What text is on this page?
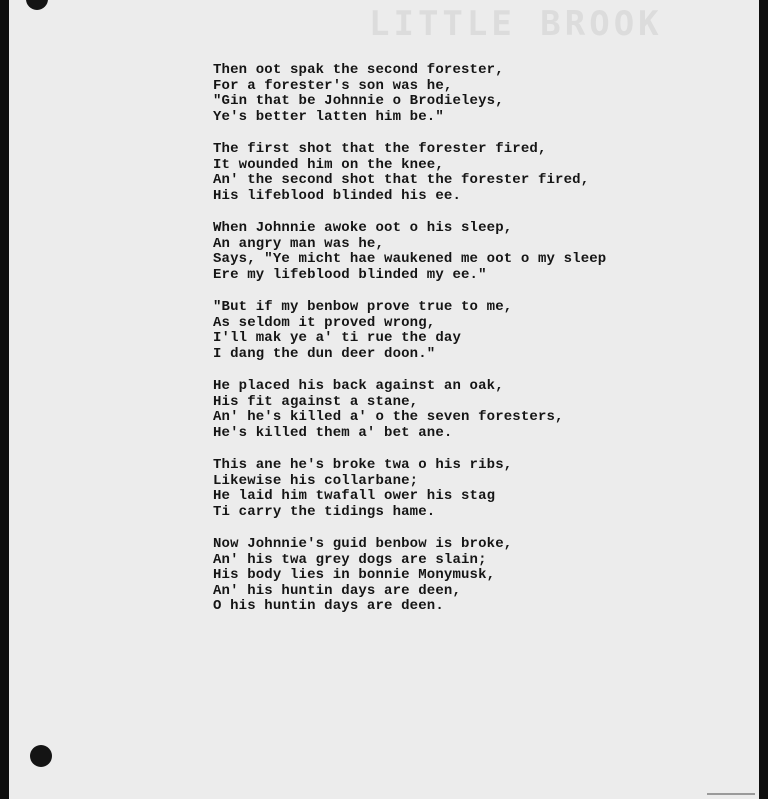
LITTLE BROOK
Then oot spak the second forester,
For a forester's son was he,
"Gin that be Johnnie o Brodieleys,
Ye's better latten him be."
The first shot that the forester fired,
It wounded him on the knee,
An' the second shot that the forester fired,
His lifeblood blinded his ee.
When Johnnie awoke oot o his sleep,
An angry man was he,
Says, "Ye micht hae waukened me oot o my sleep
Ere my lifeblood blinded my ee."
"But if my benbow prove true to me,
As seldom it proved wrong,
I'll mak ye a' ti rue the day
I dang the dun deer doon."
He placed his back against an oak,
His fit against a stane,
An' he's killed a' o the seven foresters,
He's killed them a' bet ane.
This ane he's broke twa o his ribs,
Likewise his collarbane;
He laid him twafall ower his stag
Ti carry the tidings hame.
Now Johnnie's guid benbow is broke,
An' his twa grey dogs are slain;
His body lies in bonnie Monymusk,
An' his huntin days are deen,
O his huntin days are deen.
